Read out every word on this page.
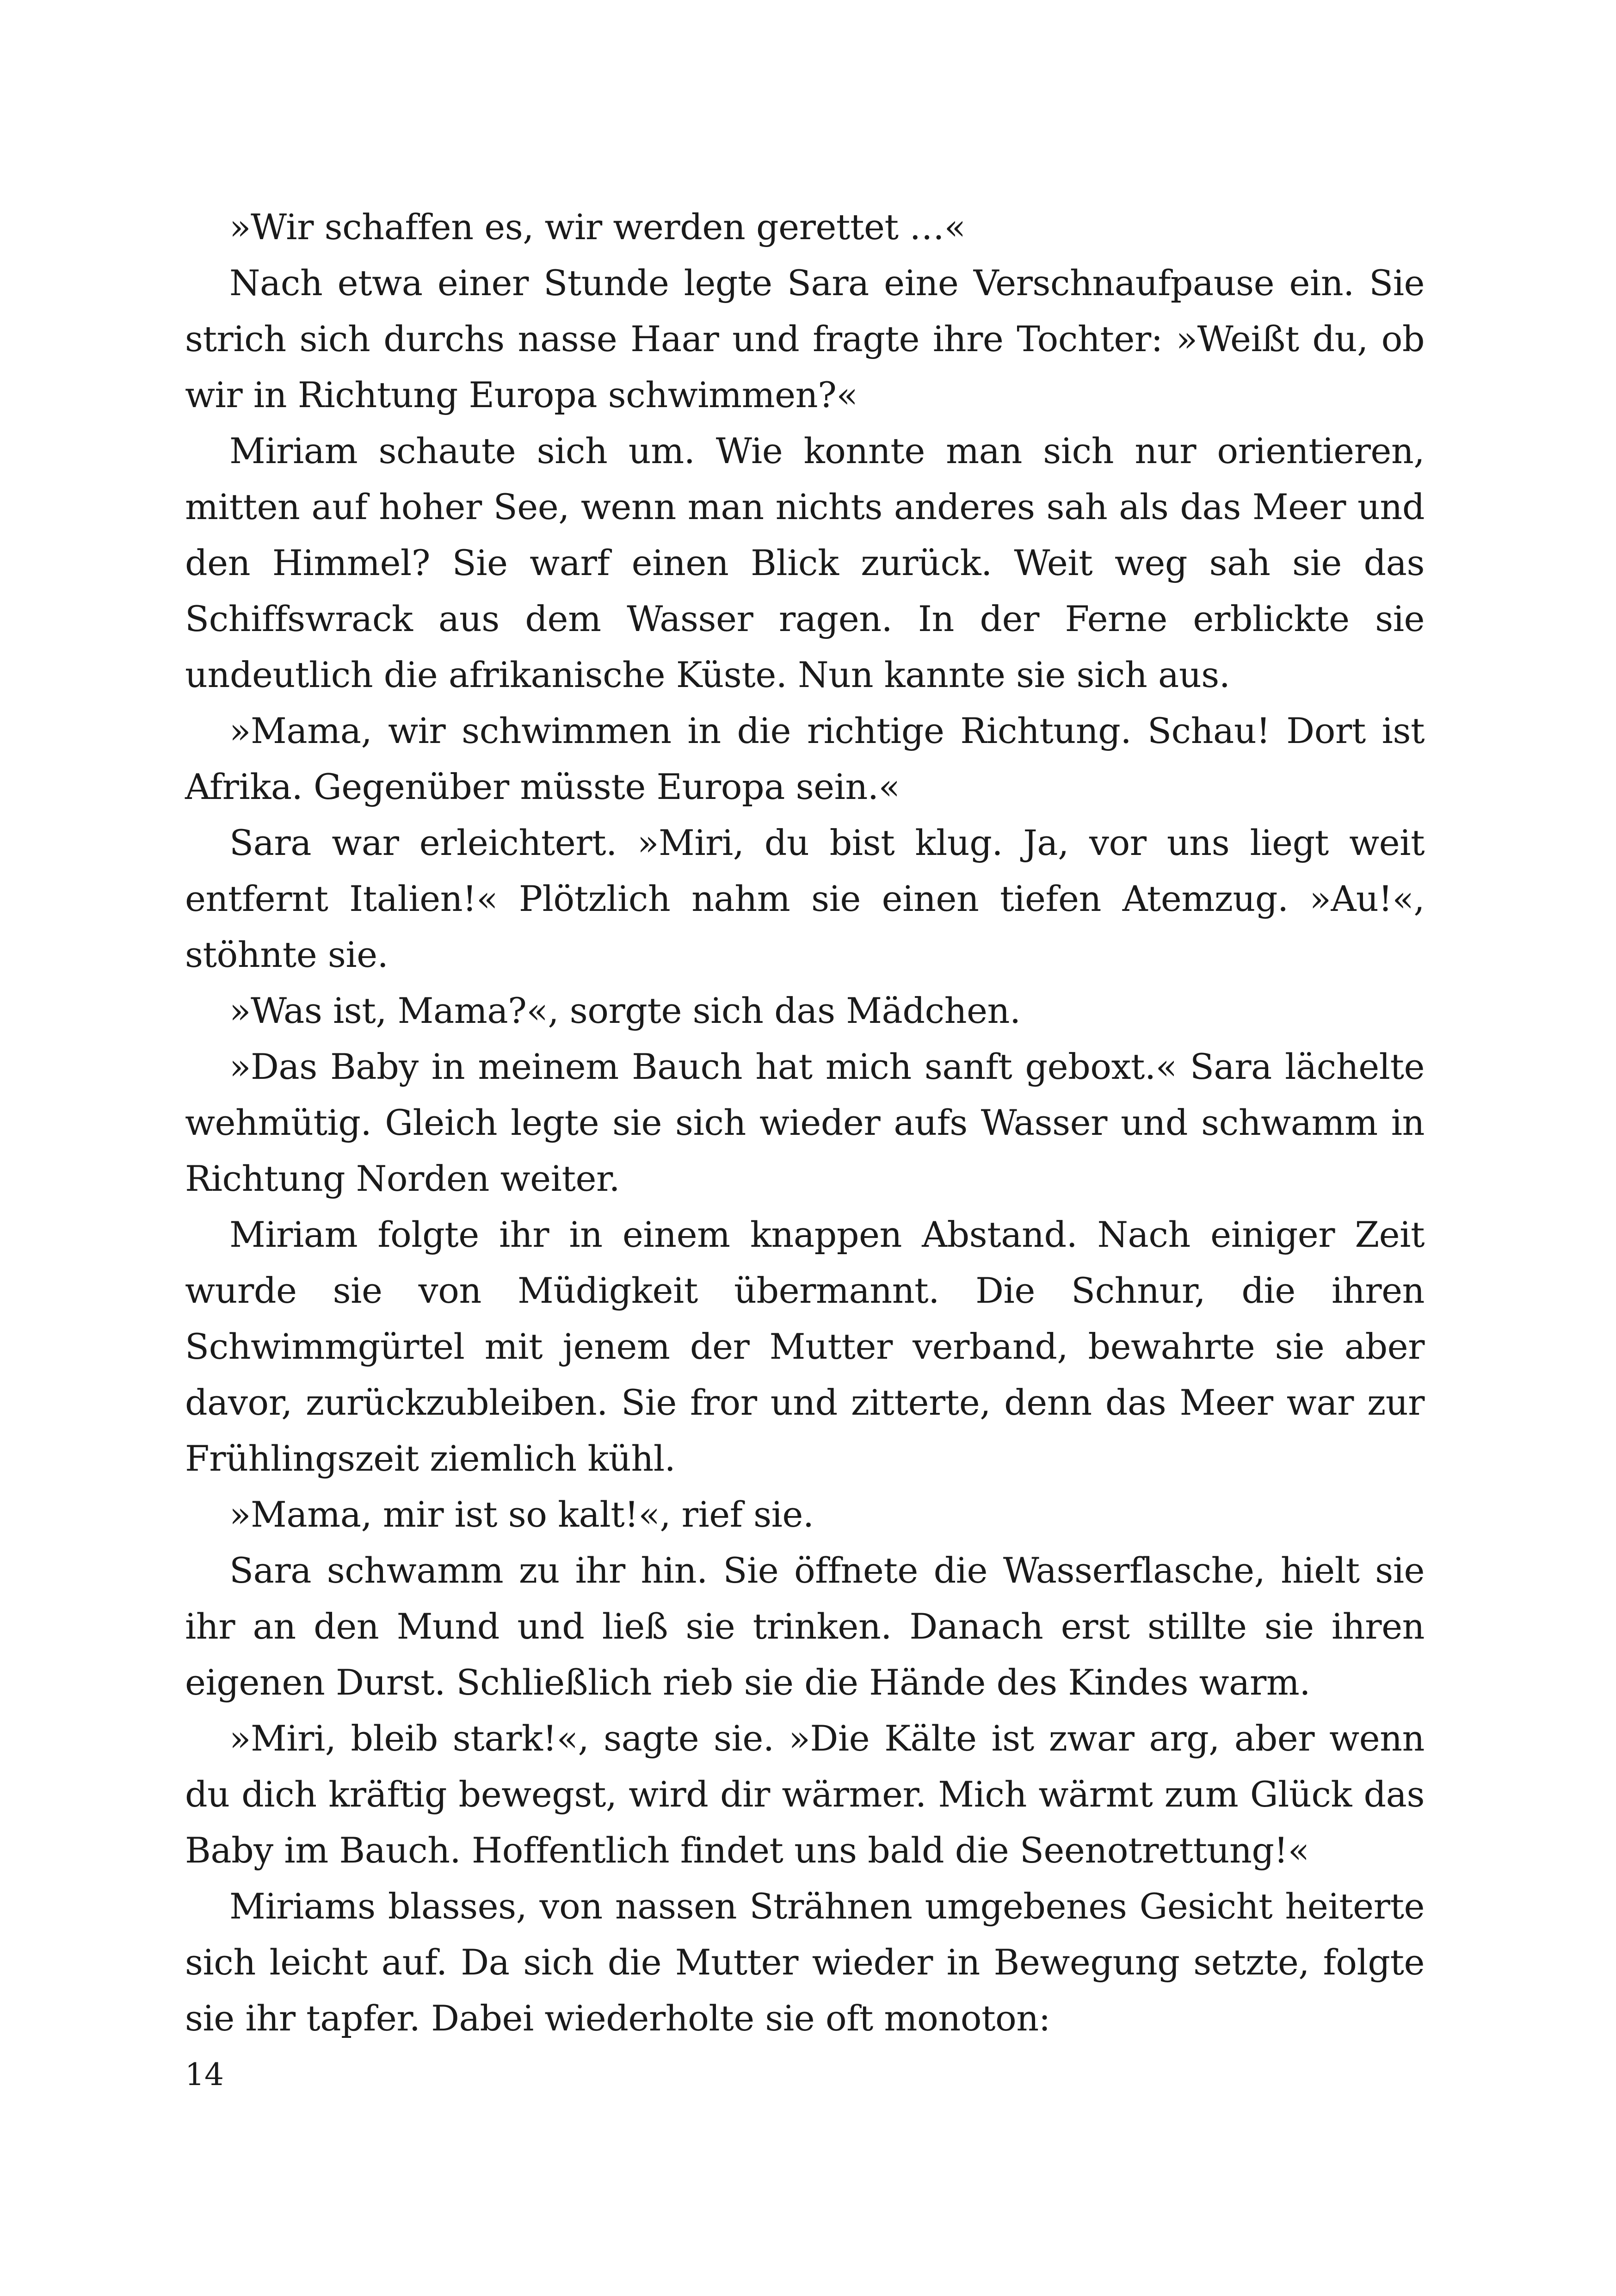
»Wir schaffen es, wir werden gerettet …«

Nach etwa einer Stunde legte Sara eine Verschnaufpause ein. Sie strich sich durchs nasse Haar und fragte ihre Tochter: »Weißt du, ob wir in Richtung Europa schwimmen?«

Miriam schaute sich um. Wie konnte man sich nur orientieren, mitten auf hoher See, wenn man nichts anderes sah als das Meer und den Himmel? Sie warf einen Blick zurück. Weit weg sah sie das Schiffswrack aus dem Wasser ragen. In der Ferne erblickte sie undeutlich die afrikanische Küste. Nun kannte sie sich aus.

»Mama, wir schwimmen in die richtige Richtung. Schau! Dort ist Afrika. Gegenüber müsste Europa sein.«

Sara war erleichtert. »Miri, du bist klug. Ja, vor uns liegt weit entfernt Italien!« Plötzlich nahm sie einen tiefen Atemzug. »Au!«, stöhnte sie.

»Was ist, Mama?«, sorgte sich das Mädchen.

»Das Baby in meinem Bauch hat mich sanft geboxt.« Sara lächelte wehmütig. Gleich legte sie sich wieder aufs Wasser und schwamm in Richtung Norden weiter.

Miriam folgte ihr in einem knappen Abstand. Nach einiger Zeit wurde sie von Müdigkeit übermannt. Die Schnur, die ihren Schwimmgürtel mit jenem der Mutter verband, bewahrte sie aber davor, zurückzubleiben. Sie fror und zitterte, denn das Meer war zur Frühlingszeit ziemlich kühl.

»Mama, mir ist so kalt!«, rief sie.

Sara schwamm zu ihr hin. Sie öffnete die Wasserflasche, hielt sie ihr an den Mund und ließ sie trinken. Danach erst stillte sie ihren eigenen Durst. Schließlich rieb sie die Hände des Kindes warm.

»Miri, bleib stark!«, sagte sie. »Die Kälte ist zwar arg, aber wenn du dich kräftig bewegst, wird dir wärmer. Mich wärmt zum Glück das Baby im Bauch. Hoffentlich findet uns bald die Seenotrettung!«

Miriams blasses, von nassen Strähnen umgebenes Gesicht heiterte sich leicht auf. Da sich die Mutter wieder in Bewegung setzte, folgte sie ihr tapfer. Dabei wiederholte sie oft monoton:

14
